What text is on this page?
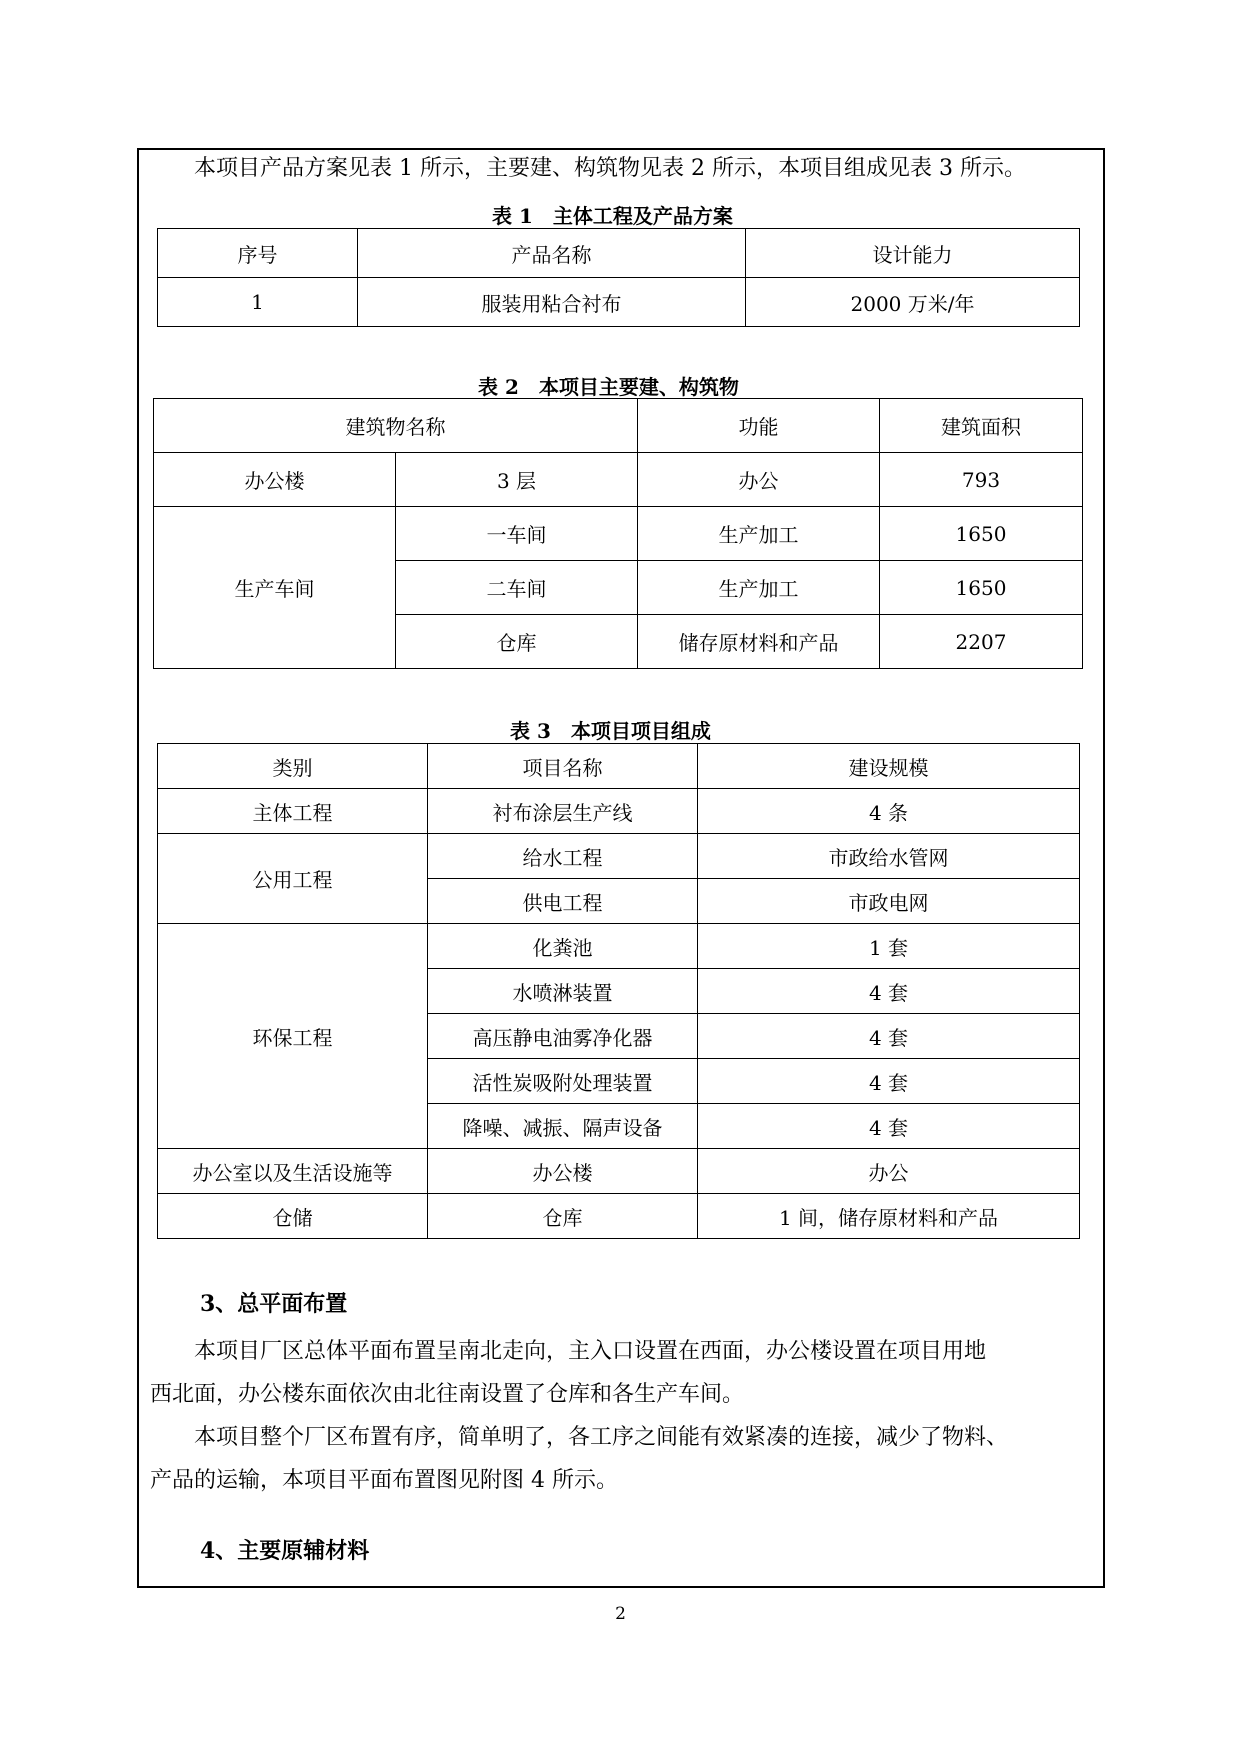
本项目产品方案见表 1 所示，主要建、构筑物见表 2 所示，本项目组成见表 3 所示。

表 1　主体工程及产品方案
序号	产品名称	设计能力
1	服装用粘合衬布	2000 万米/年
表 2　本项目主要建、构筑物
建筑物名称		功能	建筑面积
办公楼	3 层	办公	793
生产车间	一车间	生产加工	1650
	二车间	生产加工	1650
	仓库	储存原材料和产品	2207
表 3　本项目项目组成
类别	项目名称	建设规模
主体工程	衬布涂层生产线	4 条
公用工程	给水工程	市政给水管网
	供电工程	市政电网
环保工程	化粪池	1 套
	水喷淋装置	4 套
	高压静电油雾净化器	4 套
	活性炭吸附处理装置	4 套
	降噪、减振、隔声设备	4 套
办公室以及生活设施等	办公楼	办公
仓储	仓库	1 间，储存原材料和产品
3、总平面布置

本项目厂区总体平面布置呈南北走向，主入口设置在西面，办公楼设置在项目用地

西北面，办公楼东面依次由北往南设置了仓库和各生产车间。

本项目整个厂区布置有序，简单明了，各工序之间能有效紧凑的连接，减少了物料、

产品的运输，本项目平面布置图见附图 4 所示。

4、主要原辅材料
2
